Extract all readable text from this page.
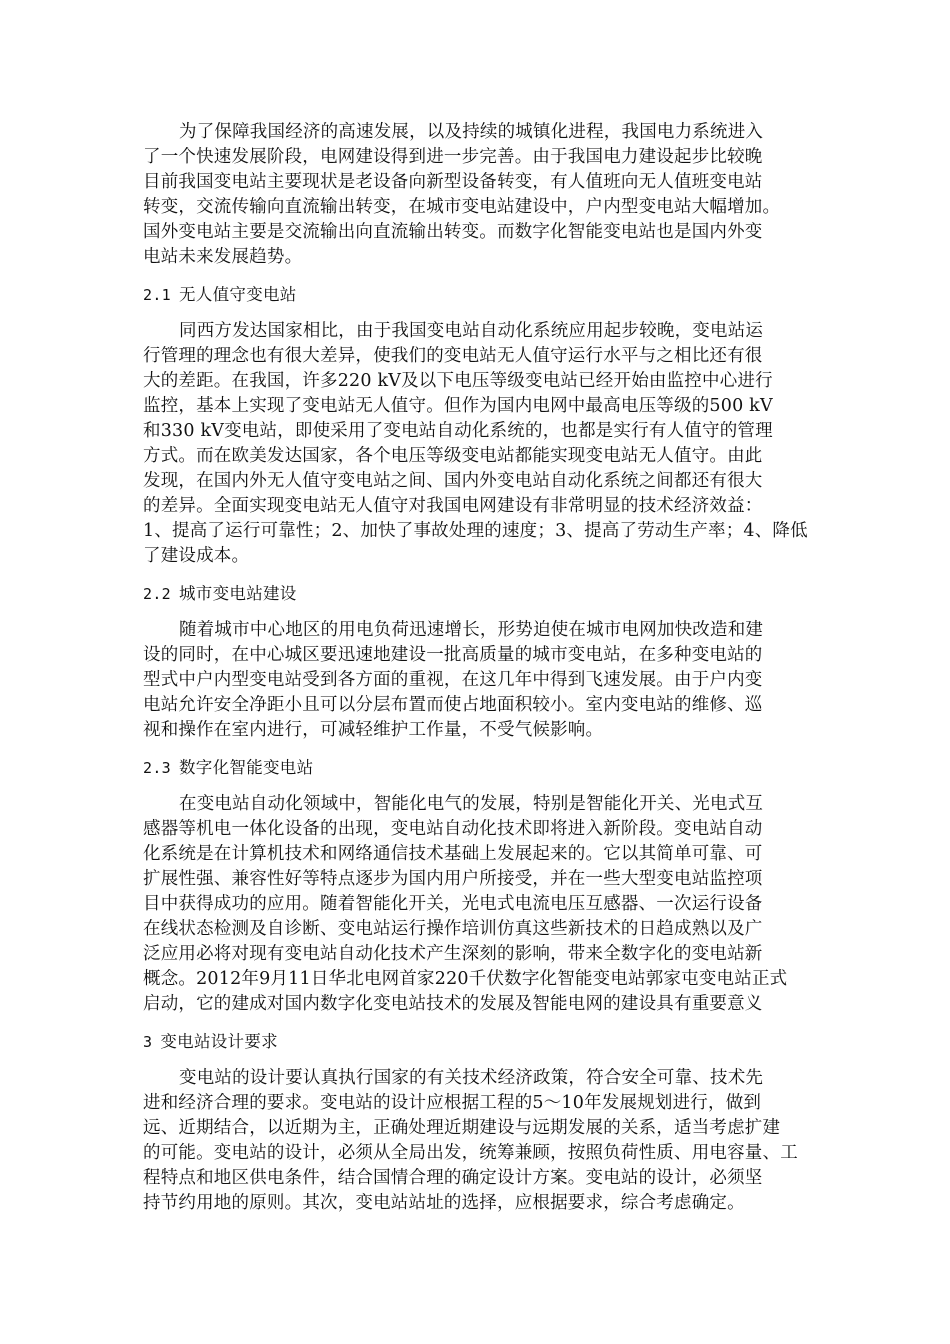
为了保障我国经济的高速发展，以及持续的城镇化进程，我国电力系统进入
了一个快速发展阶段，电网建设得到进一步完善。由于我国电力建设起步比较晚
目前我国变电站主要现状是老设备向新型设备转变，有人值班向无人值班变电站
转变，交流传输向直流输出转变，在城市变电站建设中，户内型变电站大幅增加。
国外变电站主要是交流输出向直流输出转变。而数字化智能变电站也是国内外变
电站未来发展趋势。
2.1 无人值守变电站
同西方发达国家相比，由于我国变电站自动化系统应用起步较晚，变电站运
行管理的理念也有很大差异，使我们的变电站无人值守运行水平与之相比还有很
大的差距。在我国，许多220 kV及以下电压等级变电站已经开始由监控中心进行
监控，基本上实现了变电站无人值守。但作为国内电网中最高电压等级的500 kV
和330 kV变电站，即使采用了变电站自动化系统的，也都是实行有人值守的管理
方式。而在欧美发达国家，各个电压等级变电站都能实现变电站无人值守。由此
发现，在国内外无人值守变电站之间、国内外变电站自动化系统之间都还有很大
的差异。全面实现变电站无人值守对我国电网建设有非常明显的技术经济效益：
1、提高了运行可靠性；2、加快了事故处理的速度；3、提高了劳动生产率；4、降低
了建设成本。
2.2 城市变电站建设
随着城市中心地区的用电负荷迅速增长，形势迫使在城市电网加快改造和建
设的同时，在中心城区要迅速地建设一批高质量的城市变电站，在多种变电站的
型式中户内型变电站受到各方面的重视，在这几年中得到飞速发展。由于户内变
电站允许安全净距小且可以分层布置而使占地面积较小。室内变电站的维修、巡
视和操作在室内进行，可减轻维护工作量，不受气候影响。
2.3 数字化智能变电站
在变电站自动化领域中，智能化电气的发展，特别是智能化开关、光电式互
感器等机电一体化设备的出现，变电站自动化技术即将进入新阶段。变电站自动
化系统是在计算机技术和网络通信技术基础上发展起来的。它以其简单可靠、可
扩展性强、兼容性好等特点逐步为国内用户所接受，并在一些大型变电站监控项
目中获得成功的应用。随着智能化开关，光电式电流电压互感器、一次运行设备
在线状态检测及自诊断、变电站运行操作培训仿真这些新技术的日趋成熟以及广
泛应用必将对现有变电站自动化技术产生深刻的影响，带来全数字化的变电站新
概念。2012年9月11日华北电网首家220千伏数字化智能变电站郭家屯变电站正式
启动，它的建成对国内数字化变电站技术的发展及智能电网的建设具有重要意义
3 变电站设计要求
变电站的设计要认真执行国家的有关技术经济政策，符合安全可靠、技术先
进和经济合理的要求。变电站的设计应根据工程的5～10年发展规划进行，做到
远、近期结合，以近期为主，正确处理近期建设与远期发展的关系，适当考虑扩建
的可能。变电站的设计，必须从全局出发，统筹兼顾，按照负荷性质、用电容量、工
程特点和地区供电条件，结合国情合理的确定设计方案。变电站的设计，必须坚
持节约用地的原则。其次，变电站站址的选择，应根据要求，综合考虑确定。
